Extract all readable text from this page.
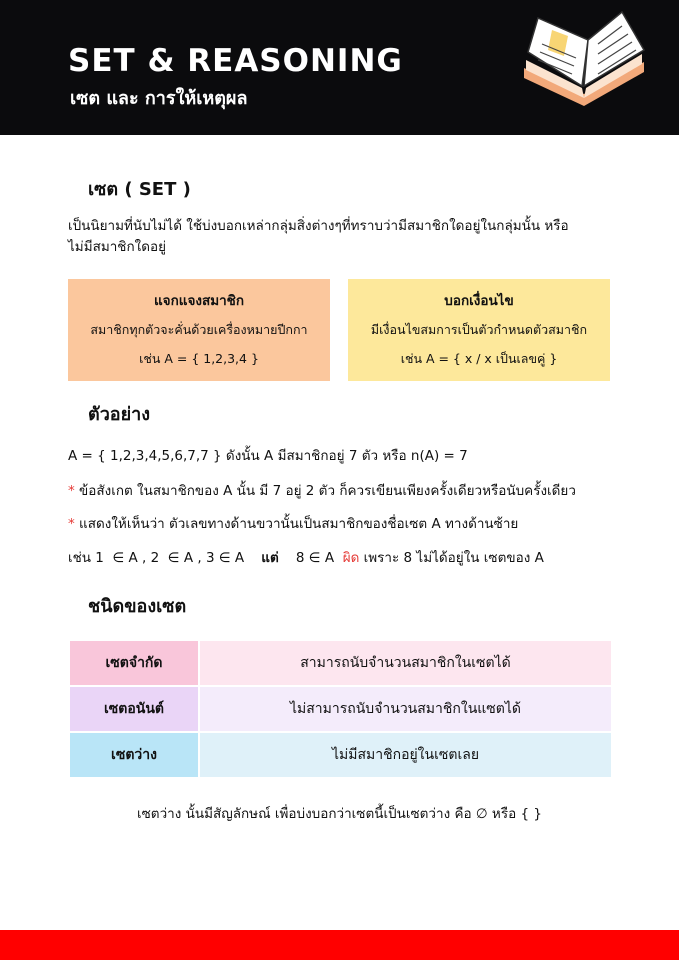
SET & REASONING
เซต และ การให้เหตุผล
เซต ( SET )

เป็นนิยามที่นับไม่ได้ ใช้บ่งบอกเหล่ากลุ่มสิ่งต่างๆที่ทราบว่ามีสมาชิกใดอยู่ในกลุ่มนั้น หรือ

ไม่มีสมาชิกใดอยู่

แจกแจงสมาชิก
สมาชิกทุกตัวจะคั่นด้วยเครื่องหมายปีกกา
เช่น A = { 1,2,3,4 }
บอกเงื่อนไข
มีเงื่อนไขสมการเป็นตัวกำหนดตัวสมาชิก
เช่น A = { x / x เป็นเลขคู่ }
ตัวอย่าง
A = { 1,2,3,4,5,6,7,7 } ดังนั้น A มีสมาชิกอยู่ 7 ตัว หรือ n(A) = 7
* ข้อสังเกต ในสมาชิกของ A นั้น มี 7 อยู่ 2 ตัว ก็ควรเขียนเพียงครั้งเดียวหรือนับครั้งเดียว
* แสดงให้เห็นว่า ตัวเลขทางด้านขวานั้นเป็นสมาชิกของชื่อเซต A ทางด้านซ้าย
เช่น 1  ∈ A , 2  ∈ A , 3 ∈ A    แต่    8 ∈ A  ผิด เพราะ 8 ไม่ได้อยู่ใน เซตของ A
ชนิดของเซต
เซตจำกัด	สามารถนับจำนวนสมาชิกในเซตได้
เซตอนันต์	ไม่สามารถนับจำนวนสมาชิกในแซตได้
เซตว่าง	ไม่มีสมาชิกอยู่ในเซตเลย
เซตว่าง นั้นมีสัญลักษณ์ เพื่อบ่งบอกว่าเซตนี้เป็นเซตว่าง คือ ∅ หรือ { }
